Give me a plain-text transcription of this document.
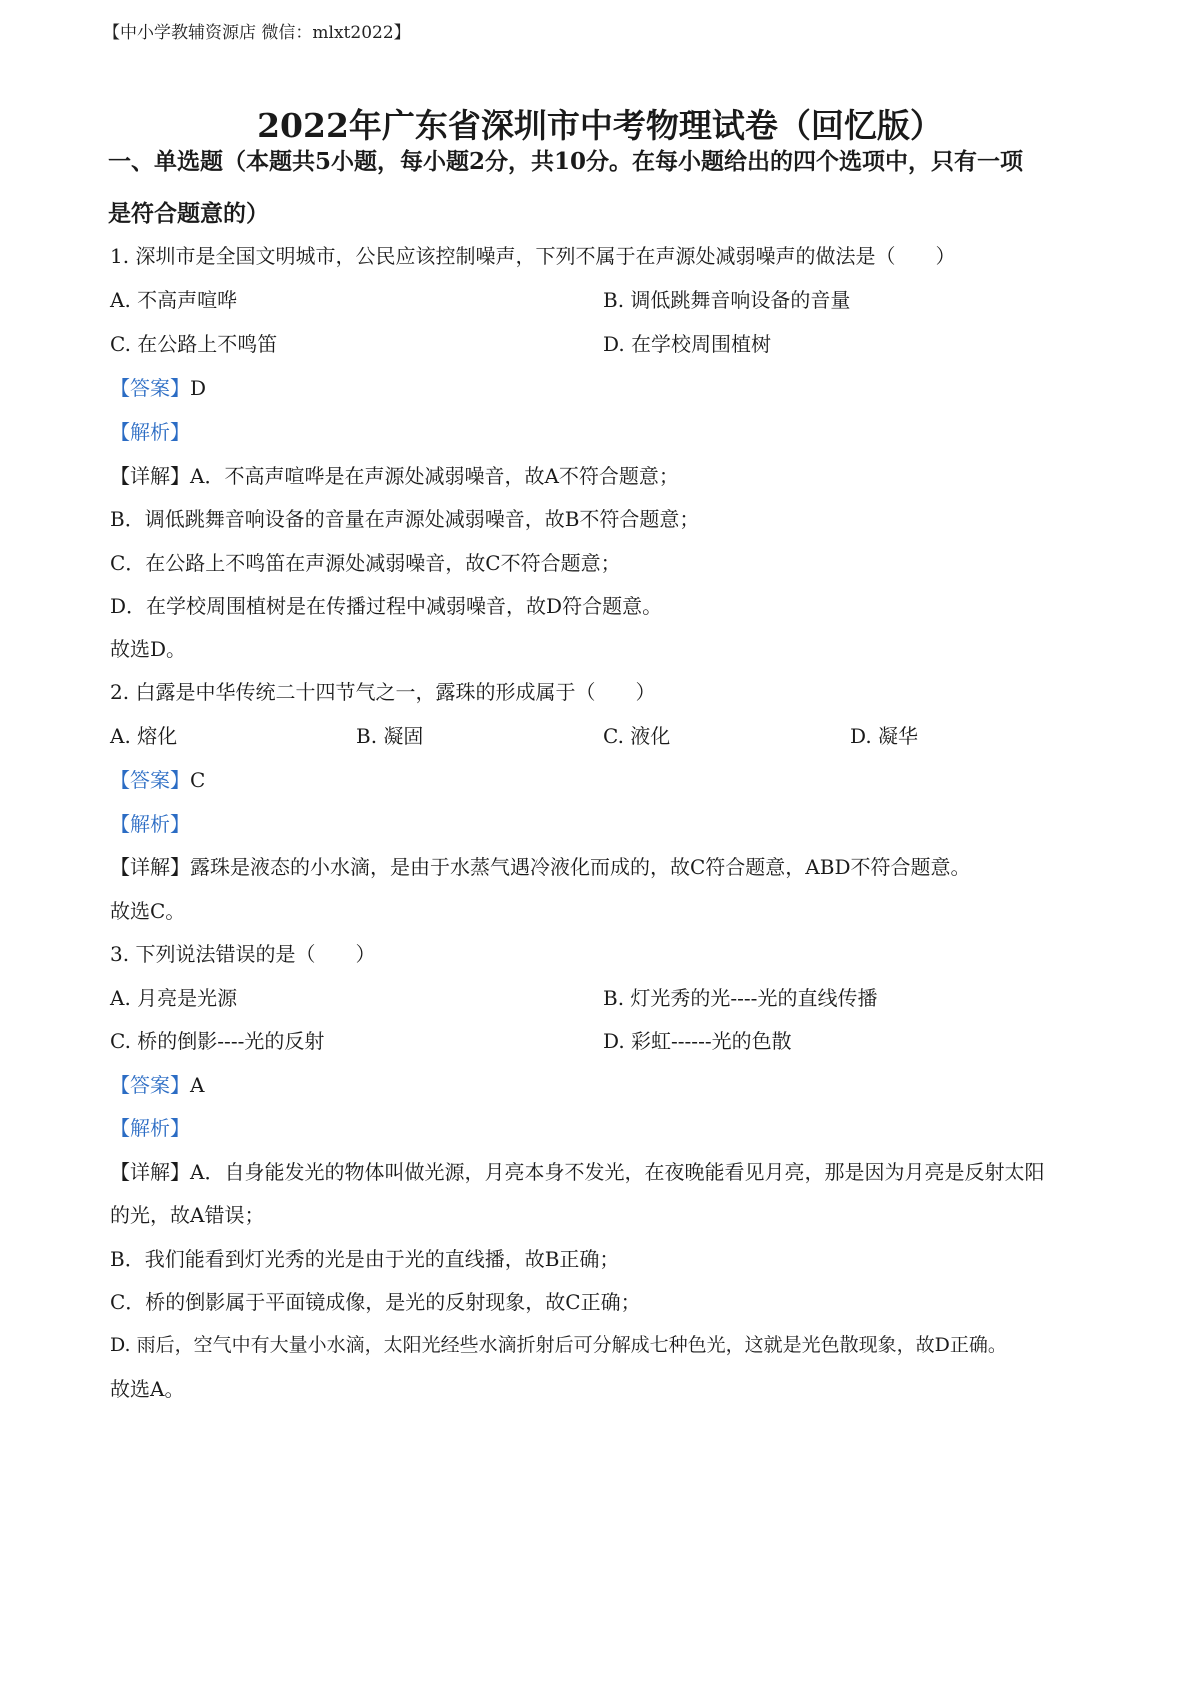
【中小学教辅资源店 微信：mlxt2022】
2022年广东省深圳市中考物理试卷（回忆版）
一、单选题（本题共5小题，每小题2分，共10分。在每小题给出的四个选项中，只有一项
是符合题意的）
1. 深圳市是全国文明城市，公民应该控制噪声，下列不属于在声源处减弱噪声的做法是（　　）
A. 不高声喧哗	B. 调低跳舞音响设备的音量
C. 在公路上不鸣笛	D. 在学校周围植树
【答案】D
【解析】
【详解】A．不高声喧哗是在声源处减弱噪音，故A不符合题意；
B．调低跳舞音响设备的音量在声源处减弱噪音，故B不符合题意；
C．在公路上不鸣笛在声源处减弱噪音，故C不符合题意；
D．在学校周围植树是在传播过程中减弱噪音，故D符合题意。
故选D。
2. 白露是中华传统二十四节气之一，露珠的形成属于（　　）
A. 熔化	B. 凝固	C. 液化	D. 凝华
【答案】C
【解析】
【详解】露珠是液态的小水滴，是由于水蒸气遇冷液化而成的，故C符合题意，ABD不符合题意。
故选C。
3. 下列说法错误的是（　　）
A. 月亮是光源	B. 灯光秀的光----光的直线传播
C. 桥的倒影----光的反射	D. 彩虹------光的色散
【答案】A
【解析】
【详解】A．自身能发光的物体叫做光源，月亮本身不发光，在夜晚能看见月亮，那是因为月亮是反射太阳
的光，故A错误；
B．我们能看到灯光秀的光是由于光的直线播，故B正确；
C．桥的倒影属于平面镜成像，是光的反射现象，故C正确；
D. 雨后，空气中有大量小水滴，太阳光经些水滴折射后可分解成七种色光，这就是光色散现象，故D正确。
故选A。
